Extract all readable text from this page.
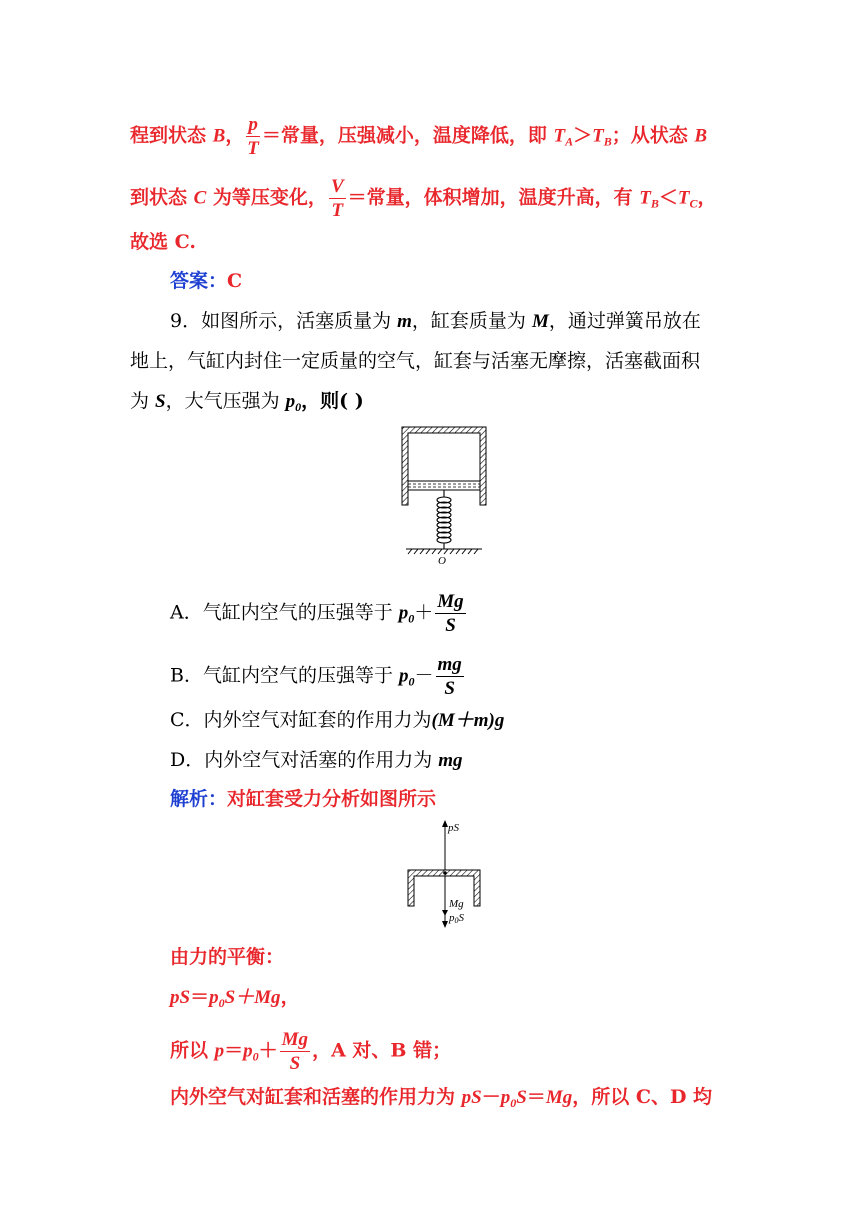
程到状态 B， $\frac{p}{T}$ ＝常量，压强减小，温度降低，即 $T_A>T_B$；从状态 B
到状态 C 为等压变化， $\frac{V}{T}$ ＝常量，体积增加，温度升高，有 $T_B<T_C$，
故选 C.
答案：C
9．如图所示，活塞质量为 m，缸套质量为 M，通过弹簧吊放在
地上，气缸内封住一定质量的空气，缸套与活塞无摩擦，活塞截面积
为 S，大气压强为 $p_0$，则( )
O
A．气缸内空气的压强等于 $p_0+ \frac{Mg}{S}$
B．气缸内空气的压强等于 $p_0- \frac{mg}{S}$
C．内外空气对缸套的作用力为(M＋m)g
D．内外空气对活塞的作用力为 mg
解析：对缸套受力分析如图所示
pS
Mg
$p_0S$
由力的平衡：
$pS=p_0S+Mg$，
所以 $p=p_0+ \frac{Mg}{S}$ ，A 对、B 错；
内外空气对缸套和活塞的作用力为 $pS-p_0S=Mg$，所以 C、D 均
